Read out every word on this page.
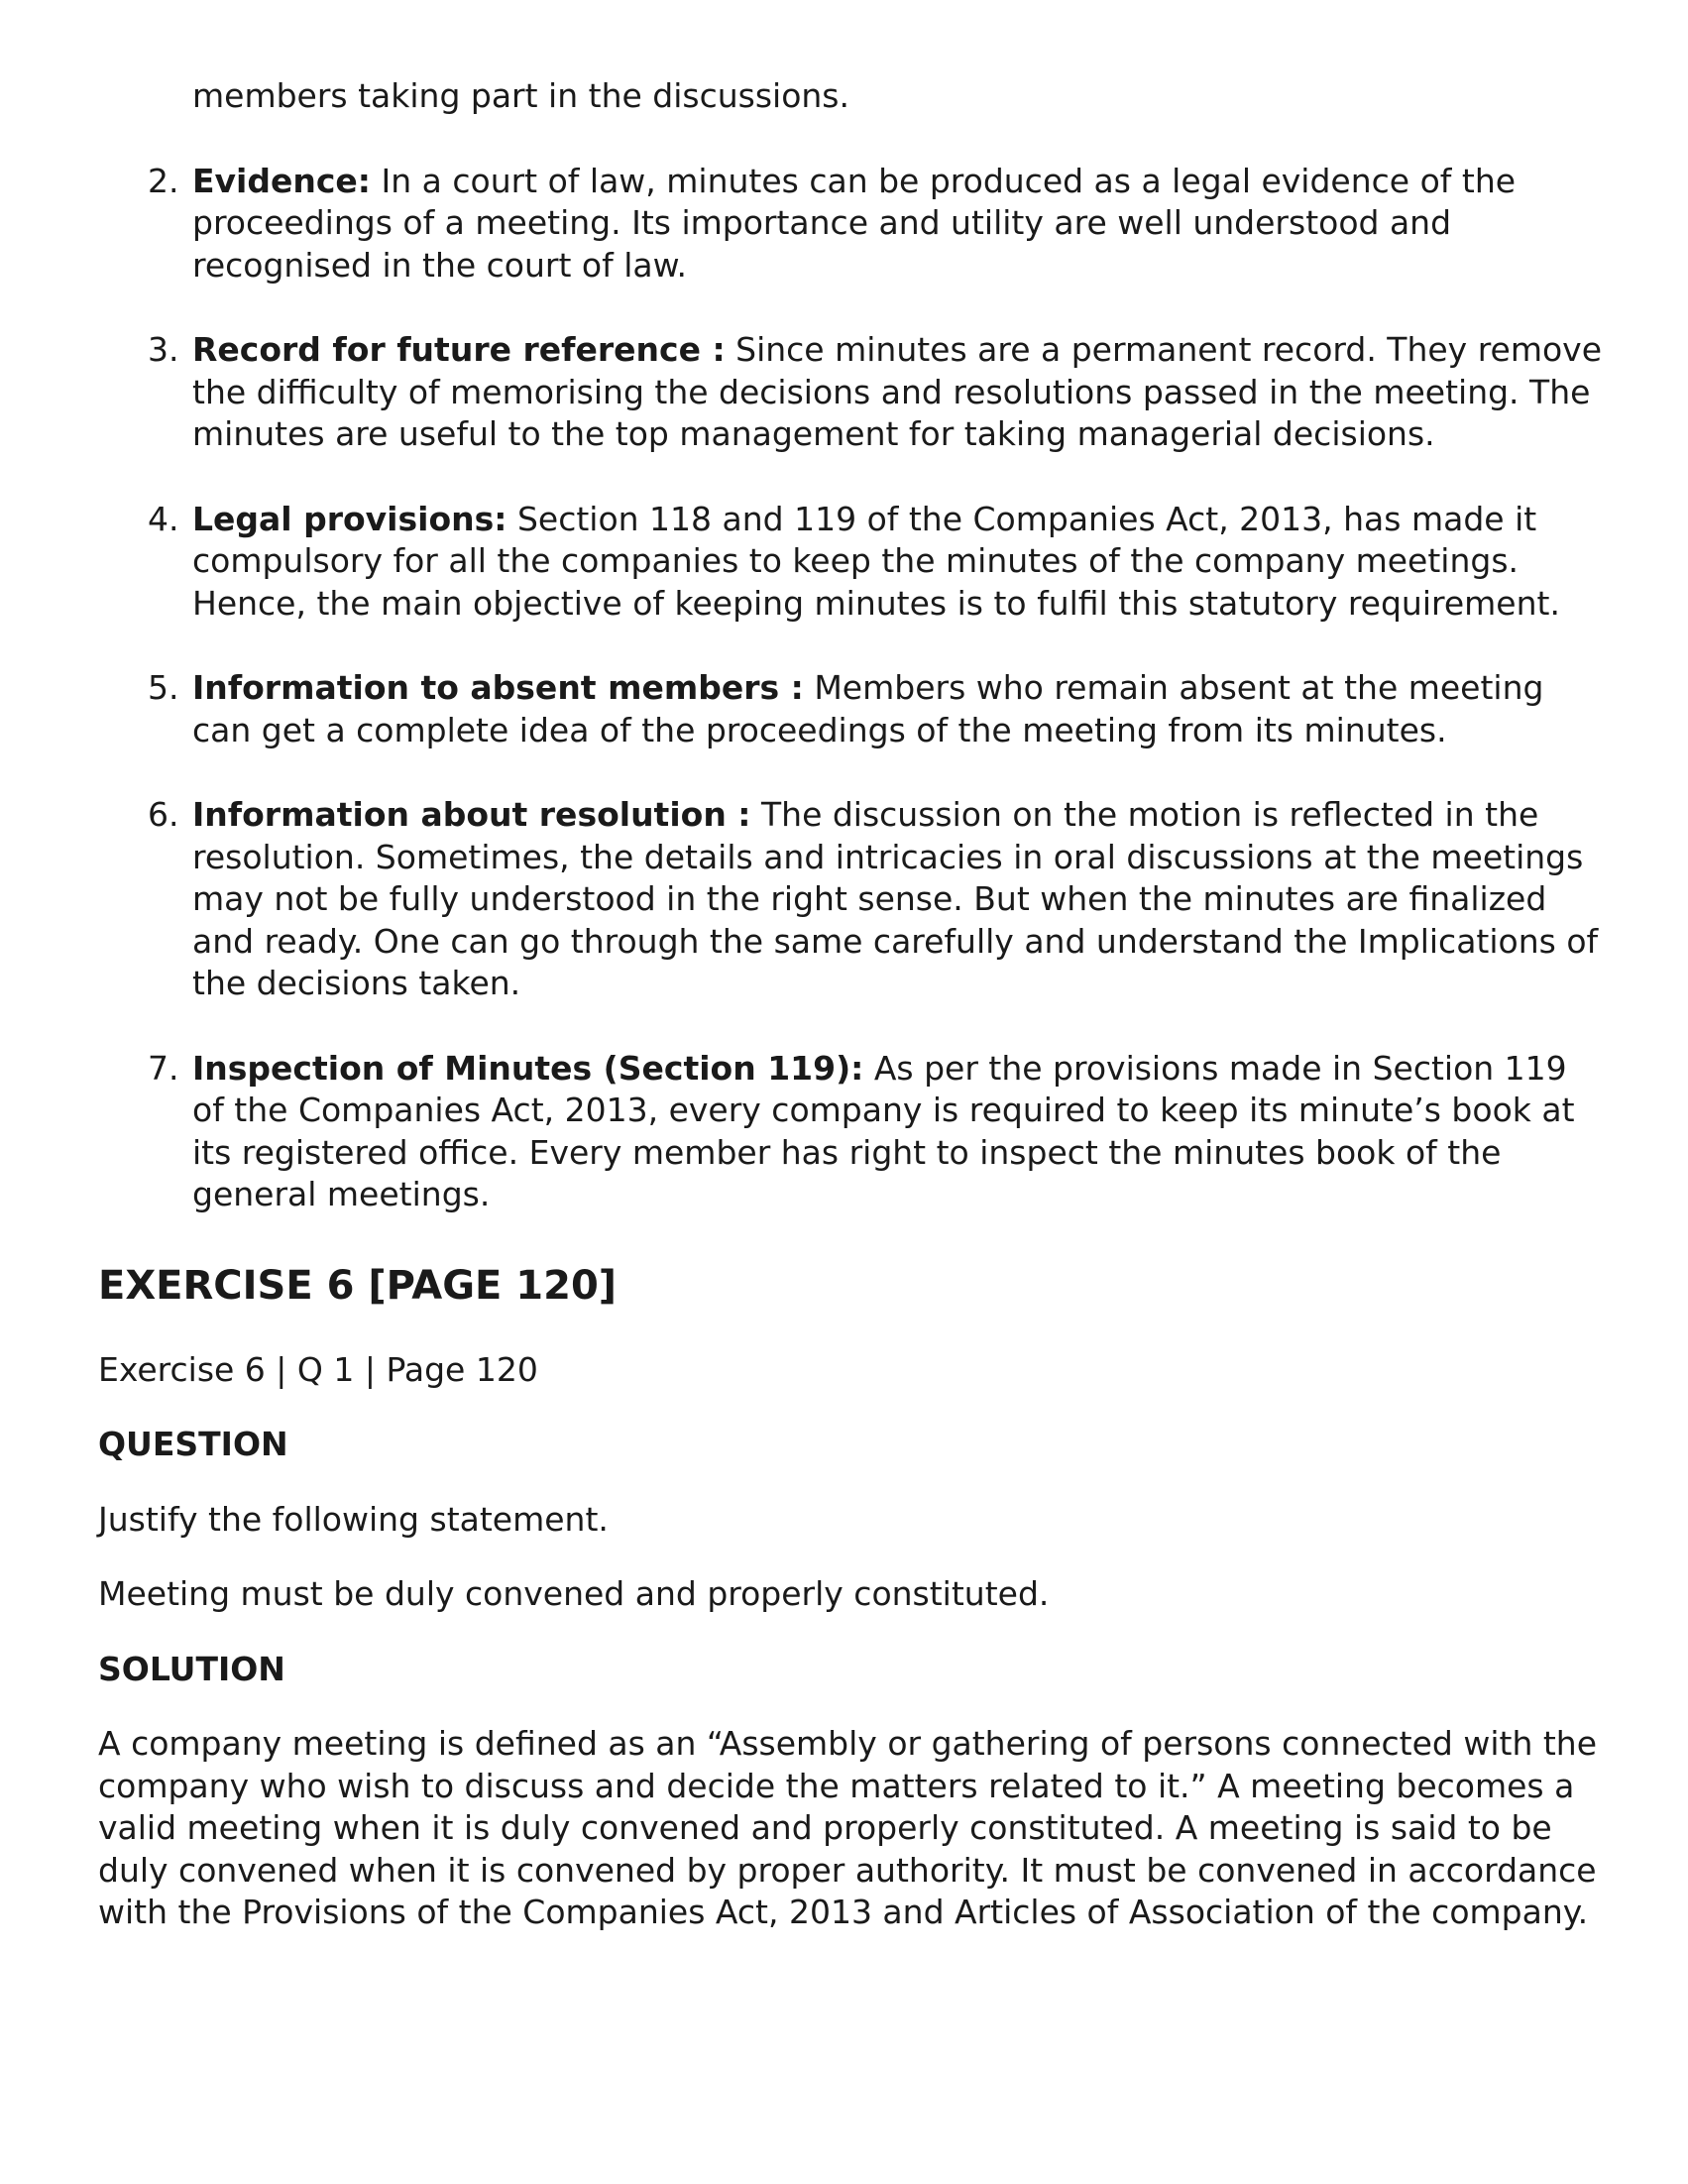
members taking part in the discussions.

2. Evidence: In a court of law, minutes can be produced as a legal evidence of the proceedings of a meeting. Its importance and utility are well understood and recognised in the court of law.
3. Record for future reference : Since minutes are a permanent record. They remove the difficulty of memorising the decisions and resolutions passed in the meeting. The minutes are useful to the top management for taking managerial decisions.
4. Legal provisions: Section 118 and 119 of the Companies Act, 2013, has made it compulsory for all the companies to keep the minutes of the company meetings. Hence, the main objective of keeping minutes is to fulfil this statutory requirement.
5. Information to absent members : Members who remain absent at the meeting can get a complete idea of the proceedings of the meeting from its minutes.
6. Information about resolution : The discussion on the motion is reflected in the resolution. Sometimes, the details and intricacies in oral discussions at the meetings may not be fully understood in the right sense. But when the minutes are finalized and ready. One can go through the same carefully and understand the Implications of the decisions taken.
7. Inspection of Minutes (Section 119): As per the provisions made in Section 119 of the Companies Act, 2013, every company is required to keep its minute’s book at its registered office. Every member has right to inspect the minutes book of the general meetings.
EXERCISE 6 [PAGE 120]

Exercise 6 | Q 1 | Page 120

QUESTION

Justify the following statement.

Meeting must be duly convened and properly constituted.

SOLUTION

A company meeting is defined as an “Assembly or gathering of persons connected with the company who wish to discuss and decide the matters related to it.” A meeting becomes a valid meeting when it is duly convened and properly constituted. A meeting is said to be duly convened when it is convened by proper authority. It must be convened in accordance with the Provisions of the Companies Act, 2013 and Articles of Association of the company.
